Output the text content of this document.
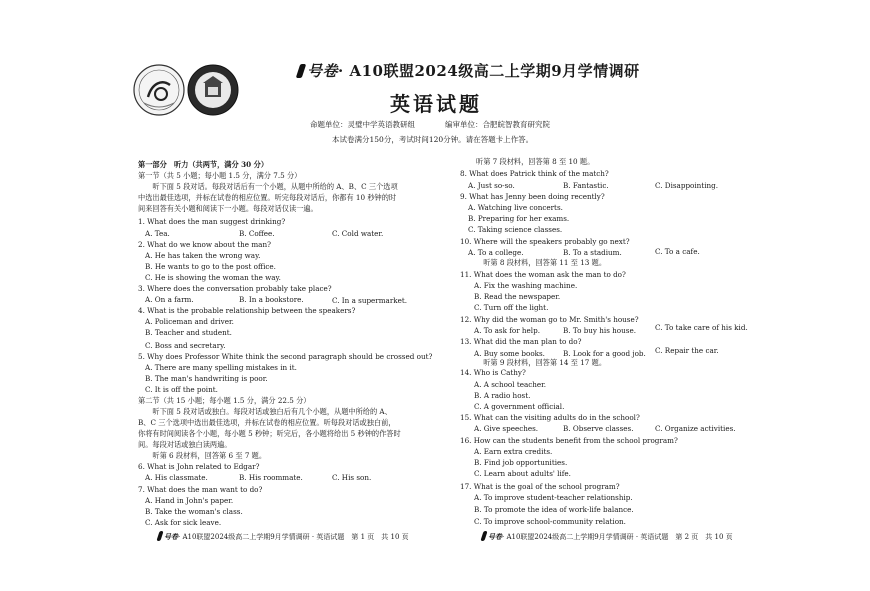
号卷· A10联盟2024级高二上学期9月学情调研
英语试题
命题单位：灵璧中学英语教研组　　　　编审单位：合肥皖智教育研究院
本试卷满分150分，考试时间120分钟。请在答题卡上作答。
第一部分　听力（共两节，满分 30 分）
第一节（共 5 小题；每小题 1.5 分，满分 7.5 分）
　　听下面 5 段对话。每段对话后有一个小题，从题中所给的 A、B、C 三个选项
中选出最佳选项，并标在试卷的相应位置。听完每段对话后，你都有 10 秒钟的时
间来回答有关小题和阅读下一小题。每段对话仅读一遍。
1. What does the man suggest drinking?
A. Tea.	B. Coffee.	C. Cold water.
2. What do we know about the man?
A. He has taken the wrong way.
B. He wants to go to the post office.
C. He is showing the woman the way.
3. Where does the conversation probably take place?
A. On a farm.	B. In a bookstore.	C. In a supermarket.
4. What is the probable relationship between the speakers?
A. Policeman and driver.
B. Teacher and student.
C. Boss and secretary.
5. Why does Professor White think the second paragraph should be crossed out?
A. There are many spelling mistakes in it.
B. The man's handwriting is poor.
C. It is off the point.
第二节（共 15 小题；每小题 1.5 分，满分 22.5 分）
　　听下面 5 段对话或独白。每段对话或独白后有几个小题，从题中所给的 A、
B、C 三个选项中选出最佳选项，并标在试卷的相应位置。听每段对话或独白前，
你将有时间阅读各个小题，每小题 5 秒钟；听完后，各小题将给出 5 秒钟的作答时
间。每段对话或独白读两遍。
　　听第 6 段材料，回答第 6 至 7 题。
6. What is John related to Edgar?
A. His classmate.	B. His roommate.	C. His son.
7. What does the man want to do?
A. Hand in John's paper.
B. Take the woman's class.
C. Ask for sick leave.
号卷· A10联盟2024级高二上学期9月学情调研 · 英语试题　第 1 页　共 10 页
听第 7 段材料，回答第 8 至 10 题。
8. What does Patrick think of the match?
A. Just so-so.	B. Fantastic.	C. Disappointing.
9. What has Jenny been doing recently?
A. Watching live concerts.
B. Preparing for her exams.
C. Taking science classes.
10. Where will the speakers probably go next?
A. To a college.	B. To a stadium.	C. To a cafe.
　听第 8 段材料，回答第 11 至 13 题。
11. What does the woman ask the man to do?
A. Fix the washing machine.
B. Read the newspaper.
C. Turn off the light.
12. Why did the woman go to Mr. Smith's house?
A. To ask for help.	B. To buy his house.	C. To take care of his kid.
13. What did the man plan to do?
A. Buy some books.	B. Look for a good job. C. Repair the car.
　听第 9 段材料，回答第 14 至 17 题。
14. Who is Cathy?
A. A school teacher.
B. A radio host.
C. A government official.
15. What can the visiting adults do in the school?
A. Give speeches.	B. Observe classes.	C. Organize activities.
16. How can the students benefit from the school program?
A. Earn extra credits.
B. Find job opportunities.
C. Learn about adults' life.
17. What is the goal of the school program?
A. To improve student-teacher relationship.
B. To promote the idea of work-life balance.
C. To improve school-community relation.
号卷· A10联盟2024级高二上学期9月学情调研 · 英语试题　第 2 页　共 10 页
